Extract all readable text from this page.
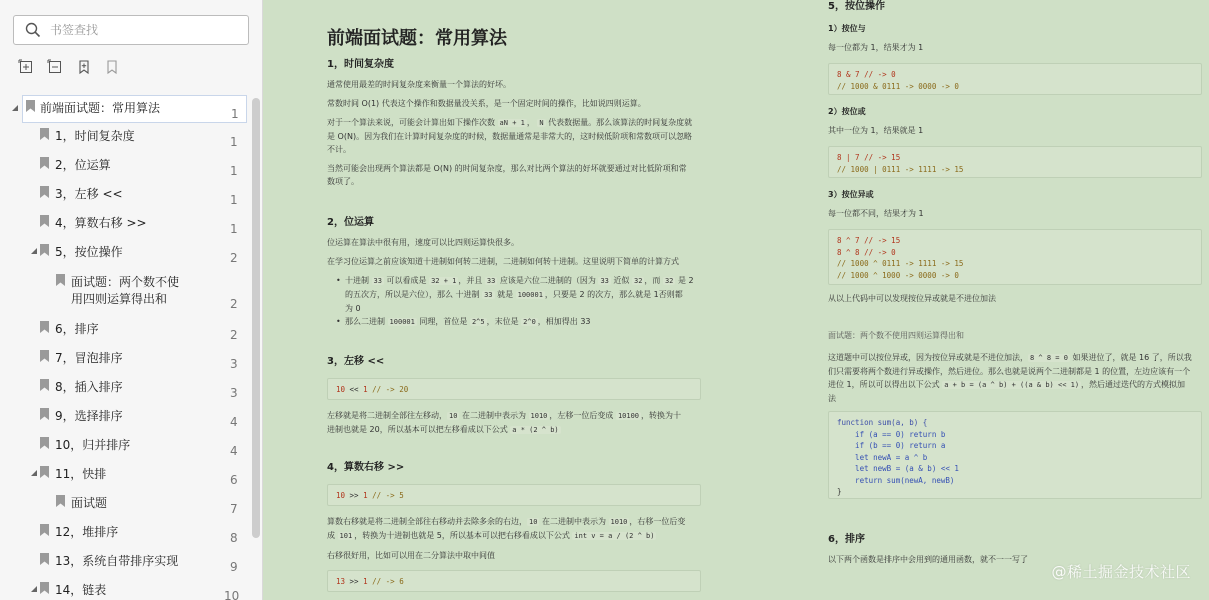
书签查找
前端面试题：常用算法	1
1，时间复杂度	1
2，位运算	1
3，左移 <<	1
4，算数右移 >>	1
5，按位操作	2
面试题：两个数不使
用四则运算得出和	2
6，排序	2
7，冒泡排序	3
8，插入排序	3
9，选择排序	4
10，归并排序	4
11，快排	6
面试题	7
12，堆排序	8
13，系统自带排序实现	9
14，链表	10
前端面试题：常用算法
1，时间复杂度

通常使用最差的时间复杂度来衡量一个算法的好坏。

常数时间 O(1) 代表这个操作和数据量没关系，是一个固定时间的操作，比如说四则运算。

对于一个算法来说，可能会计算出如下操作次数 aN + 1 ， N 代表数据量。那么该算法的时间复杂度就
是 O(N)。因为我们在计算时间复杂度的时候，数据量通常是非常大的，这时候低阶项和常数项可以忽略
不计。

当然可能会出现两个算法都是 O(N) 的时间复杂度，那么对比两个算法的好坏就要通过对比低阶项和常
数项了。

2，位运算

位运算在算法中很有用，速度可以比四则运算快很多。

在学习位运算之前应该知道十进制如何转二进制，二进制如何转十进制。这里说明下简单的计算方式

• 十进制 33 可以看成是 32 + 1 ，并且 33 应该是六位二进制的（因为 33 近似 32 ，而 32 是 2
的五次方，所以是六位），那么 十进制 33 就是 100001 ，只要是 2 的次方，那么就是 1否则都
为 0
• 那么二进制 100001 同理，首位是 2^5 ，末位是 2^0 ，相加得出 33
3，左移 <<
10 << 1 // -> 20

左移就是将二进制全部往左移动， 10 在二进制中表示为 1010 ，左移一位后变成 10100 ，转换为十
进制也就是 20，所以基本可以把左移看成以下公式 a * (2 ^ b)

4，算数右移 >>
10 >> 1 // -> 5

算数右移就是将二进制全部往右移动并去除多余的右边， 10 在二进制中表示为 1010 ，右移一位后变
成 101 ，转换为十进制也就是 5，所以基本可以把右移看成以下公式 int v = a / (2 ^ b)

右移很好用，比如可以用在二分算法中取中间值

13 >> 1 // -> 6
5，按位操作
1）按位与

每一位都为 1，结果才为 1

8 & 7 // -> 0
// 1000 & 0111 -> 0000 -> 0
2）按位或

其中一位为 1，结果就是 1

8 | 7 // -> 15
// 1000 | 0111 -> 1111 -> 15
3）按位异或

每一位都不同，结果才为 1

8 ^ 7 // -> 15
8 ^ 8 // -> 0
// 1000 ^ 0111 -> 1111 -> 15
// 1000 ^ 1000 -> 0000 -> 0

从以上代码中可以发现按位异或就是不进位加法

面试题：两个数不使用四则运算得出和

这道题中可以按位异或，因为按位异或就是不进位加法， 8 ^ 8 = 0 如果进位了，就是 16 了，所以我
们只需要将两个数进行异或操作，然后进位。那么也就是说两个二进制都是 1 的位置，左边应该有一个
进位 1，所以可以得出以下公式 a + b = (a ^ b) + ((a & b) << 1) ，然后通过迭代的方式模拟加
法

function sum(a, b) {
if (a == 0) return b
if (b == 0) return a
let newA = a ^ b
let newB = (a & b) << 1
return sum(newA, newB)
}
6，排序

以下两个函数是排序中会用到的通用函数，就不一一写了

@稀土掘金技术社区
